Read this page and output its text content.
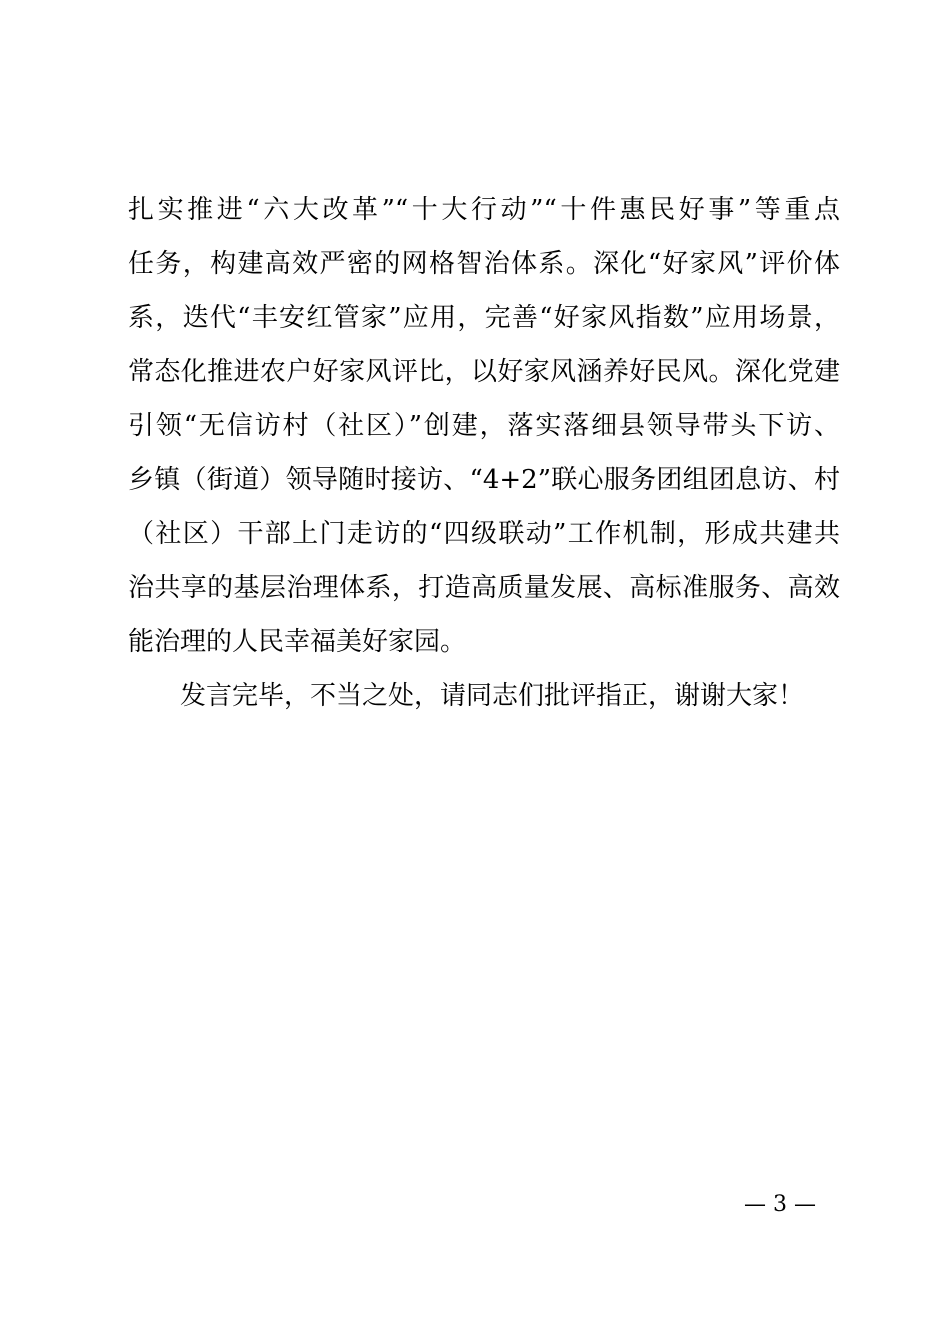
扎实推进“六大改革”“十大行动”“十件惠民好事”等重点

任务，构建高效严密的网格智治体系。深化“好家风”评价体

系，迭代“丰安红管家”应用，完善“好家风指数”应用场景，

常态化推进农户好家风评比，以好家风涵养好民风。深化党建

引领“无信访村（社区）”创建，落实落细县领导带头下访、

乡镇（街道）领导随时接访、“4+2”联心服务团组团息访、村

（社区）干部上门走访的“四级联动”工作机制，形成共建共

治共享的基层治理体系，打造高质量发展、高标准服务、高效

能治理的人民幸福美好家园。

发言完毕，不当之处，请同志们批评指正，谢谢大家！

— 3 —
